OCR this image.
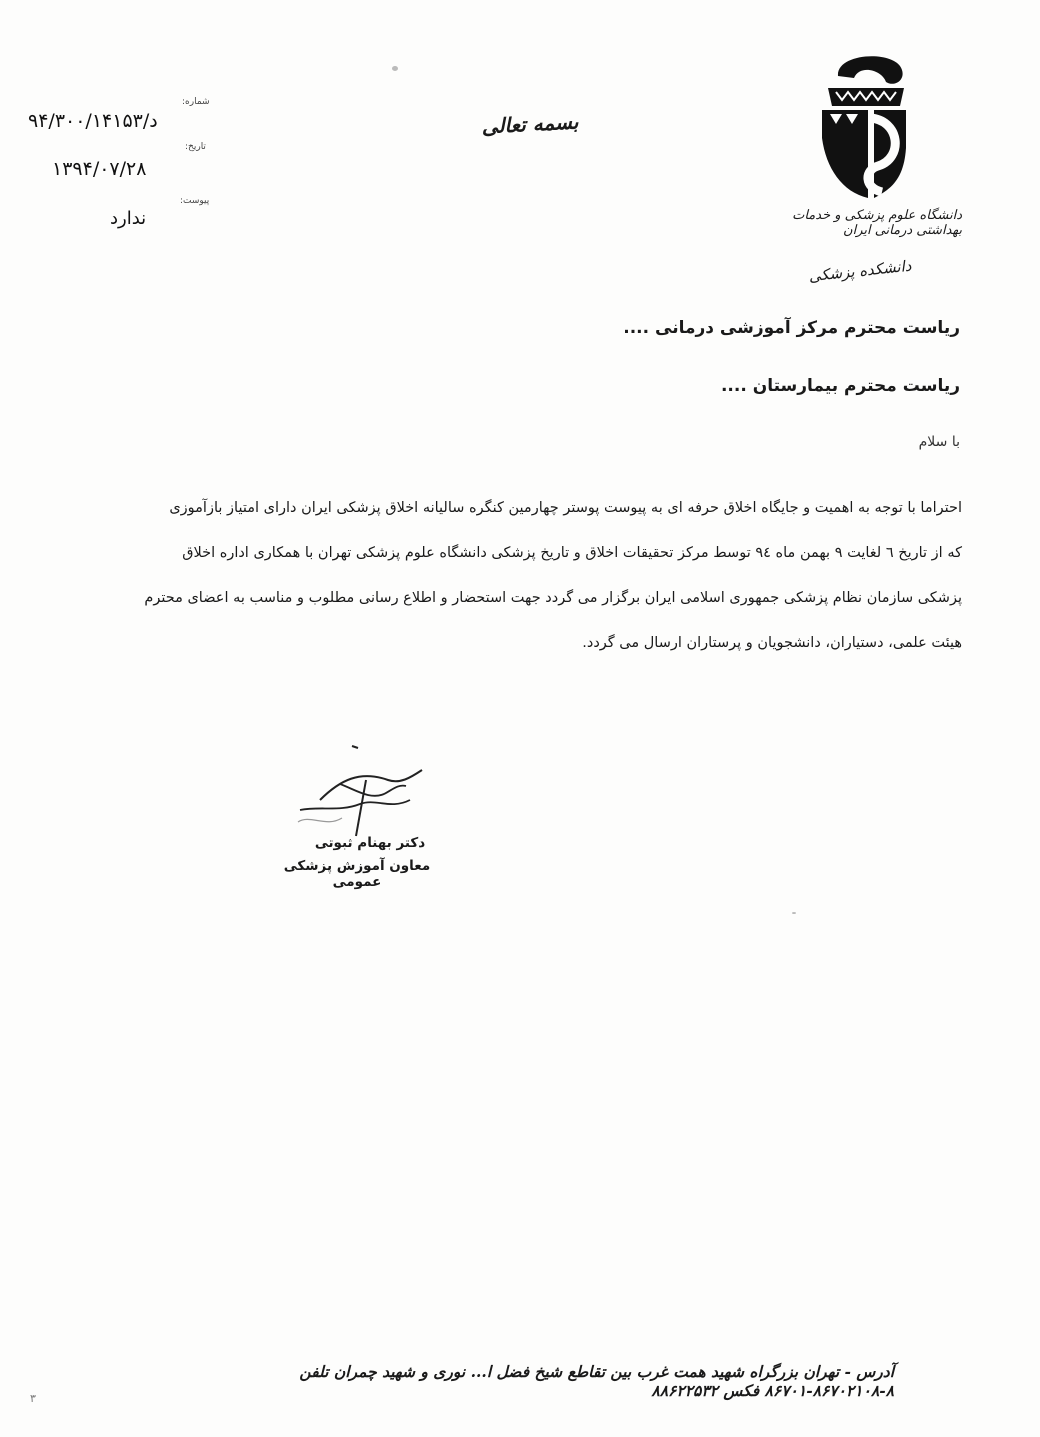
شماره:
۹۴/د/۳۰۰/۱۴۱۵۳
تاریخ:
۱۳۹۴/۰۷/۲۸
پیوست:
ندارد
بسمه تعالی
دانشگاه علوم پزشکی و خدمات بهداشتی درمانی ایران
دانشکده پزشکی
ریاست محترم مرکز آموزشی درمانی ....
ریاست محترم بیمارستان ....
با سلام
احتراما با توجه به اهمیت و جایگاه اخلاق حرفه ای به پیوست پوستر چهارمین کنگره سالیانه اخلاق پزشکی ایران دارای امتیاز بازآموزی
که از تاریخ ٦ لغایت ۹ بهمن ماه ۹٤ توسط مرکز تحقیقات اخلاق و تاریخ پزشکی دانشگاه علوم پزشکی تهران با همکاری اداره اخلاق
پزشکی سازمان نظام پزشکی جمهوری اسلامی ایران برگزار می گردد جهت استحضار و اطلاع رسانی مطلوب و مناسب به اعضای محترم
هیئت علمی، دستیاران، دانشجویان و پرستاران ارسال می گردد.
دکتر بهنام ثبوتی
معاون آموزش پزشکی عمومی
آدرس - تهران بزرگراه شهید همت غرب بین تقاطع شیخ فضل ا... نوری و شهید چمران تلفن ۸-۸۶۷۰۲۱۰۸-۸۶۷۰۱ فکس ۸۸۶۲۲۵۳۲
۳
